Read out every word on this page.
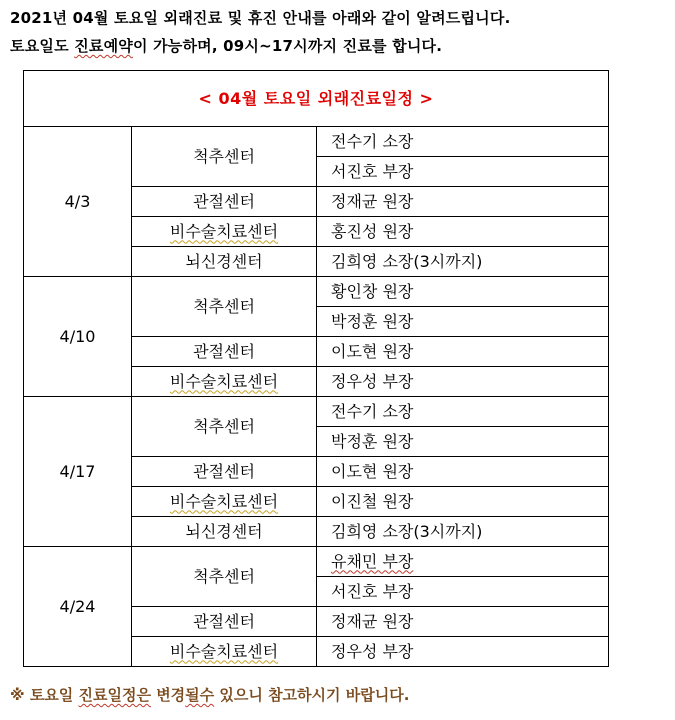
2021년 04월 토요일 외래진료 및 휴진 안내를 아래와 같이 알려드립니다.
토요일도 진료예약이 가능하며, 09시~17시까지 진료를 합니다.
< 04월 토요일 외래진료일정 >		
4/3	척추센터	전수기 소장
		서진호 부장
	관절센터	정재균 원장
	비수술치료센터	홍진성 원장
	뇌신경센터	김희영 소장(3시까지)
4/10	척추센터	황인창 원장
		박정훈 원장
	관절센터	이도현 원장
	비수술치료센터	정우성 부장
4/17	척추센터	전수기 소장
		박정훈 원장
	관절센터	이도현 원장
	비수술치료센터	이진철 원장
	뇌신경센터	김희영 소장(3시까지)
4/24	척추센터	유채민 부장
		서진호 부장
	관절센터	정재균 원장
	비수술치료센터	정우성 부장
※ 토요일 진료일정은 변경될수 있으니 참고하시기 바랍니다.
